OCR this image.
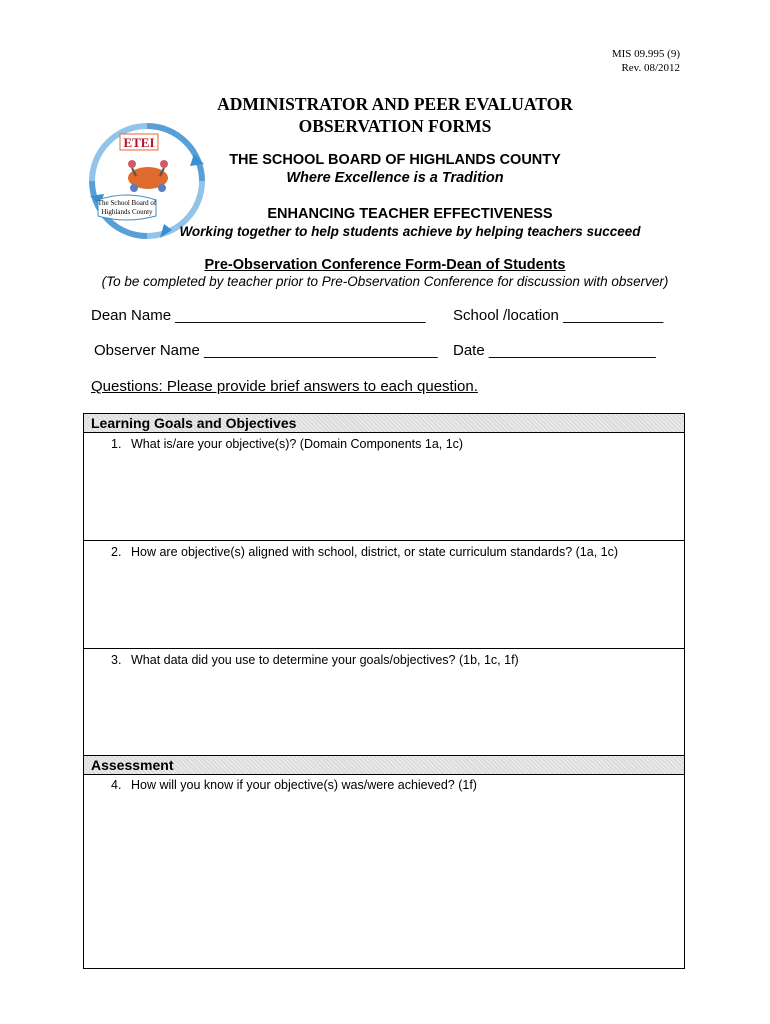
MIS 09.995 (9)
Rev. 08/2012
ETEI
The School Board of
Highlands County
ADMINISTRATOR AND PEER EVALUATOR
OBSERVATION FORMS
THE SCHOOL BOARD OF HIGHLANDS COUNTY
Where Excellence is a Tradition
ENHANCING TEACHER EFFECTIVENESS
Working together to help students achieve by helping teachers succeed
Pre-Observation Conference Form-Dean of Students
(To be completed by teacher prior to Pre-Observation Conference for discussion with observer)
Dean Name ______________________________ School /location ____________
Observer Name ____________________________ Date ____________________
Questions: Please provide brief answers to each question.
Learning Goals and Objectives
1. What is/are your objective(s)? (Domain Components 1a, 1c)
2. How are objective(s) aligned with school, district, or state curriculum standards? (1a, 1c)
3. What data did you use to determine your goals/objectives? (1b, 1c, 1f)
Assessment
4. How will you know if your objective(s) was/were achieved? (1f)
